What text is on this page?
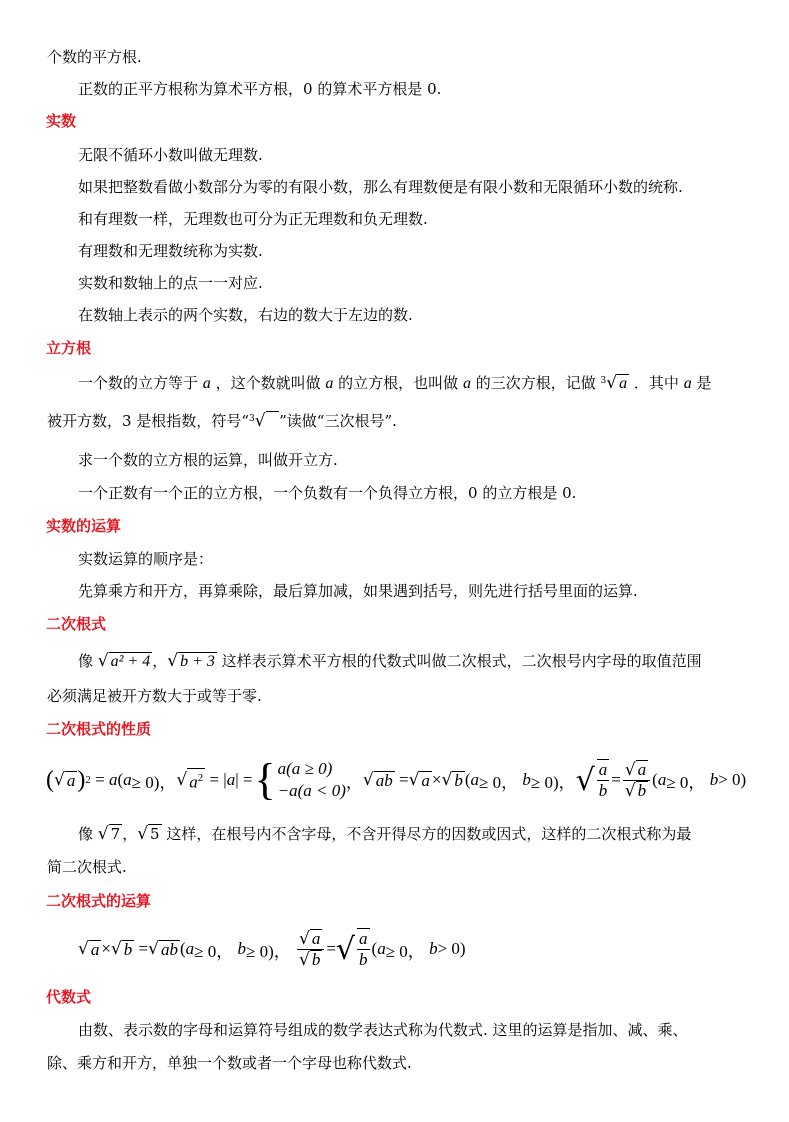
个数的平方根.
正数的正平方根称为算术平方根，0 的算术平方根是 0.
实数
无限不循环小数叫做无理数.
如果把整数看做小数部分为零的有限小数，那么有理数便是有限小数和无限循环小数的统称.
和有理数一样，无理数也可分为正无理数和负无理数.
有理数和无理数统称为实数.
实数和数轴上的点一一对应.
在数轴上表示的两个实数，右边的数大于左边的数.
立方根
一个数的立方等于 a ，这个数就叫做 a 的立方根，也叫做 a 的三次方根，记做 $^3$√ a ．其中 a 是
被开方数，3 是根指数，符号“$^3$√ ”读做“三次根号”.
求一个数的立方根的运算，叫做开立方.
一个正数有一个正的立方根，一个负数有一个负得立方根，0 的立方根是 0.
实数的运算
实数运算的顺序是：
先算乘方和开方，再算乘除，最后算加减，如果遇到括号，则先进行括号里面的运算.
二次根式
像 √ a² + 4 ，√ b + 3 这样表示算术平方根的代数式叫做二次根式，二次根号内字母的取值范围
必须满足被开方数大于或等于零.
二次根式的性质
( √ a ) 2 = a ( a ≥ 0)， √ $a^2$ = | a | = { a(a ≥ 0)
−a(a < 0) ， √ ab = √ a × √ b ( a ≥ 0， b ≥ 0)， √ $\frac{a}{b} = \frac{√ a}{√ b}$ ( a ≥ 0， b > 0)
像 √ 7 ，√ 5 这样，在根号内不含字母，不含开得尽方的因数或因式，这样的二次根式称为最
简二次根式.
二次根式的运算
√ a × √ b = √ ab ( a ≥ 0， b ≥ 0)， $\frac{√ a}{√ b}$ = √ $\frac{a}{b}$ ( a ≥ 0， b > 0)
代数式
由数、表示数的字母和运算符号组成的数学表达式称为代数式. 这里的运算是指加、减、乘、
除、乘方和开方，单独一个数或者一个字母也称代数式.
